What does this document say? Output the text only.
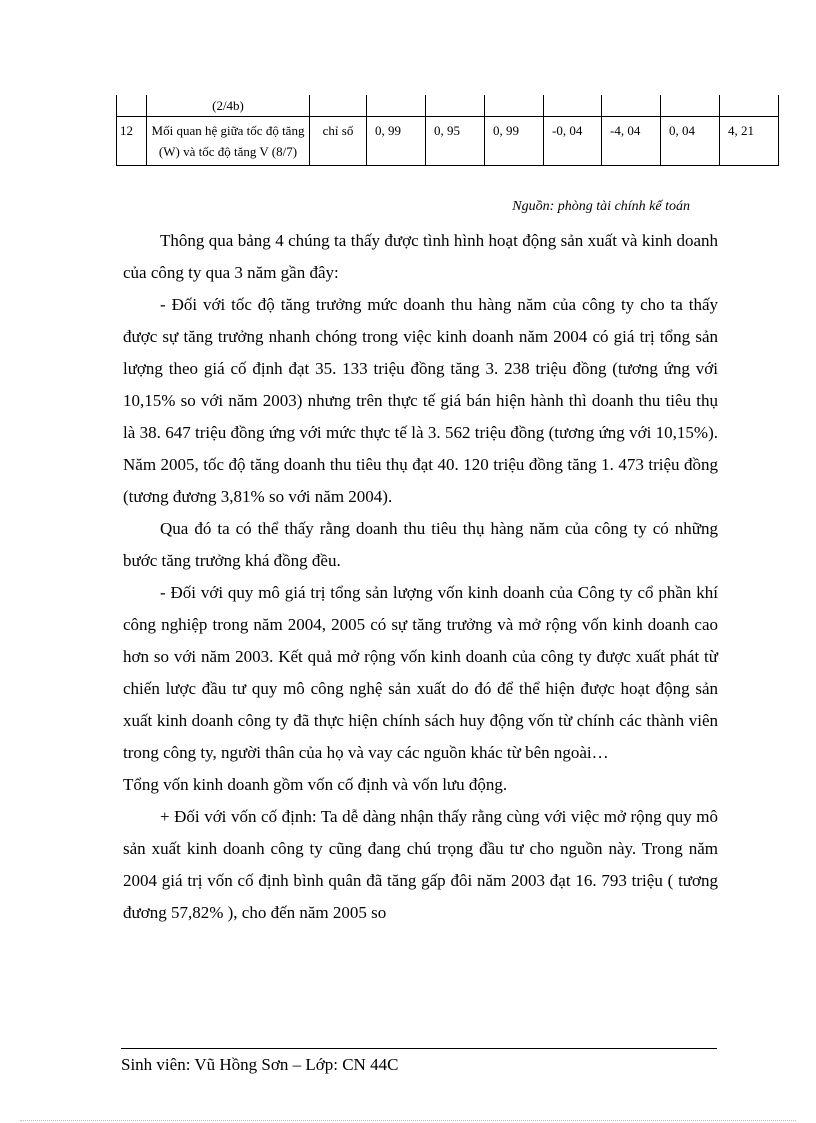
	(2/4b)								
12	Mối quan hệ giữa tốc độ tăng (W) và tốc độ tăng V (8/7)	chỉ số	0, 99	0, 95	0, 99	-0, 04	-4, 04	0, 04	4, 21
Nguồn: phòng tài chính kế toán

Thông qua bảng 4 chúng ta thấy được tình hình hoạt động sản xuất và kinh doanh của công ty qua 3 năm gần đây:

- Đối với tốc độ tăng trưởng mức doanh thu hàng năm của công ty cho ta thấy được sự tăng trưởng nhanh chóng trong việc kinh doanh năm 2004 có giá trị tổng sản lượng theo giá cố định đạt 35. 133 triệu đồng tăng 3. 238 triệu đồng (tương ứng với 10,15% so với năm 2003) nhưng trên thực tế giá bán hiện hành thì doanh thu tiêu thụ là 38. 647 triệu đồng ứng với mức thực tế là 3. 562 triệu đồng (tương ứng với 10,15%). Năm 2005, tốc độ tăng doanh thu tiêu thụ đạt 40. 120 triệu đồng tăng 1. 473 triệu đồng (tương đương 3,81% so với năm 2004).

Qua đó ta có thể thấy rằng doanh thu tiêu thụ hàng năm của công ty có những bước tăng trưởng khá đồng đều.

- Đối với quy mô giá trị tổng sản lượng vốn kinh doanh của Công ty cổ phần khí công nghiệp trong năm 2004, 2005 có sự tăng trưởng và mở rộng vốn kinh doanh cao hơn so với năm 2003. Kết quả mở rộng vốn kinh doanh của công ty được xuất phát từ chiến lược đầu tư quy mô công nghệ sản xuất do đó để thể hiện được hoạt động sản xuất kinh doanh công ty đã thực hiện chính sách huy động vốn từ chính các thành viên trong công ty, người thân của họ và vay các nguồn khác từ bên ngoài…

Tổng vốn kinh doanh gồm vốn cố định và vốn lưu động.

+ Đối với vốn cố định: Ta dễ dàng nhận thấy rằng cùng với việc mở rộng quy mô sản xuất kinh doanh công ty cũng đang chú trọng đầu tư cho nguồn này. Trong năm 2004 giá trị vốn cố định bình quân đã tăng gấp đôi năm 2003 đạt 16. 793 triệu ( tương đương 57,82% ), cho đến năm 2005 so

Sinh viên: Vũ Hồng Sơn – Lớp: CN 44C
